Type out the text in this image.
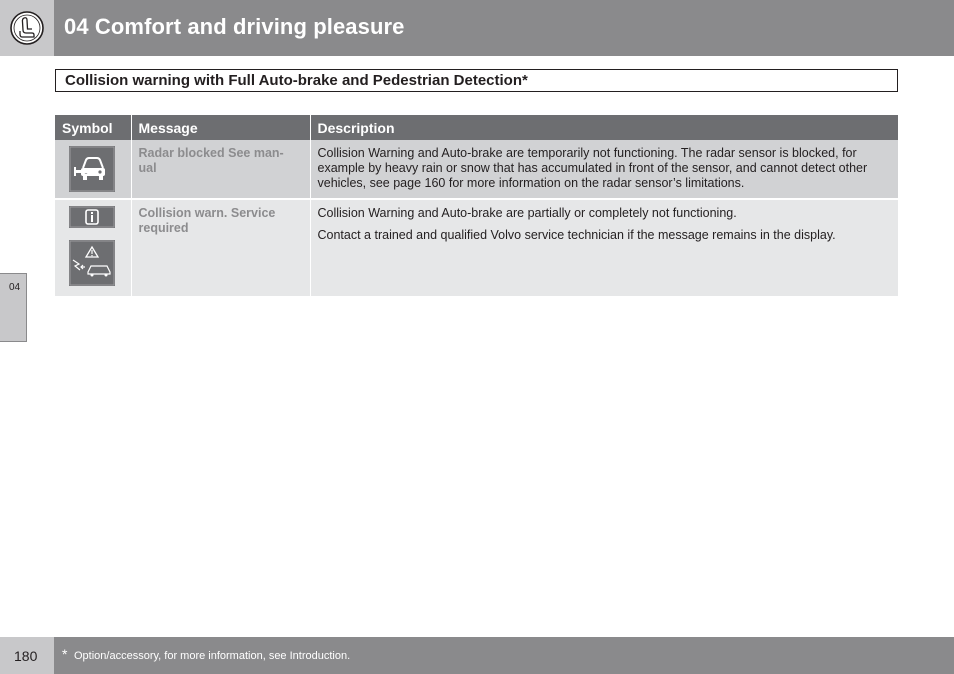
04 Comfort and driving pleasure
04
Collision warning with Full Auto-brake and Pedestrian Detection*
Symbol	Message	Description

	Radar blocked See man-
ual	Collision Warning and Auto-brake are temporarily not functioning. The radar sensor is blocked, for example by heavy rain or snow that has accumulated in front of the sensor, and cannot detect other vehicles, see page 160 for more information on the radar sensor’s limitations.

	Collision warn. Service required	Collision Warning and Auto-brake are partially or completely not functioning.

Contact a trained and qualified Volvo service technician if the message remains in the display.

180 * Option/accessory, for more information, see Introduction.
